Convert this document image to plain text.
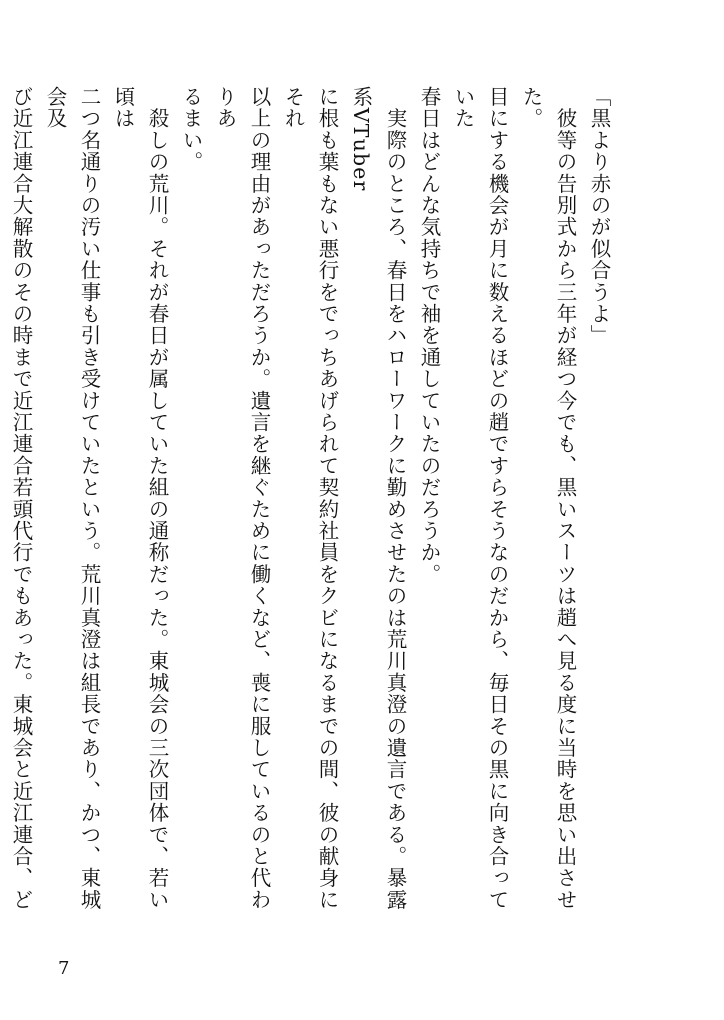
「黒より赤のが似合うよ」

　彼等の告別式から三年が経つ今でも、黒いスーツは趙へ見る度に当時を思い出させた。
目にする機会が月に数えるほどの趙ですらそうなのだから、毎日その黒に向き合っていた
春日はどんな気持ちで袖を通していたのだろうか。

　実際のところ、春日をハローワークに勤めさせたのは荒川真澄の遺言である。暴露系VTuber
に根も葉もない悪行をでっちあげられて契約社員をクビになるまでの間、彼の献身にそれ
以上の理由があっただろうか。遺言を継ぐために働くなど、喪に服しているのと代わりあ
るまい。

　殺しの荒川。それが春日が属していた組の通称だった。東城会の三次団体で、若い頃は
二つ名通りの汚い仕事も引き受けていたという。荒川真澄は組長であり、かつ、東城会及
び近江連合大解散のその時まで近江連合若頭代行でもあった。東城会と近江連合、ど

7
